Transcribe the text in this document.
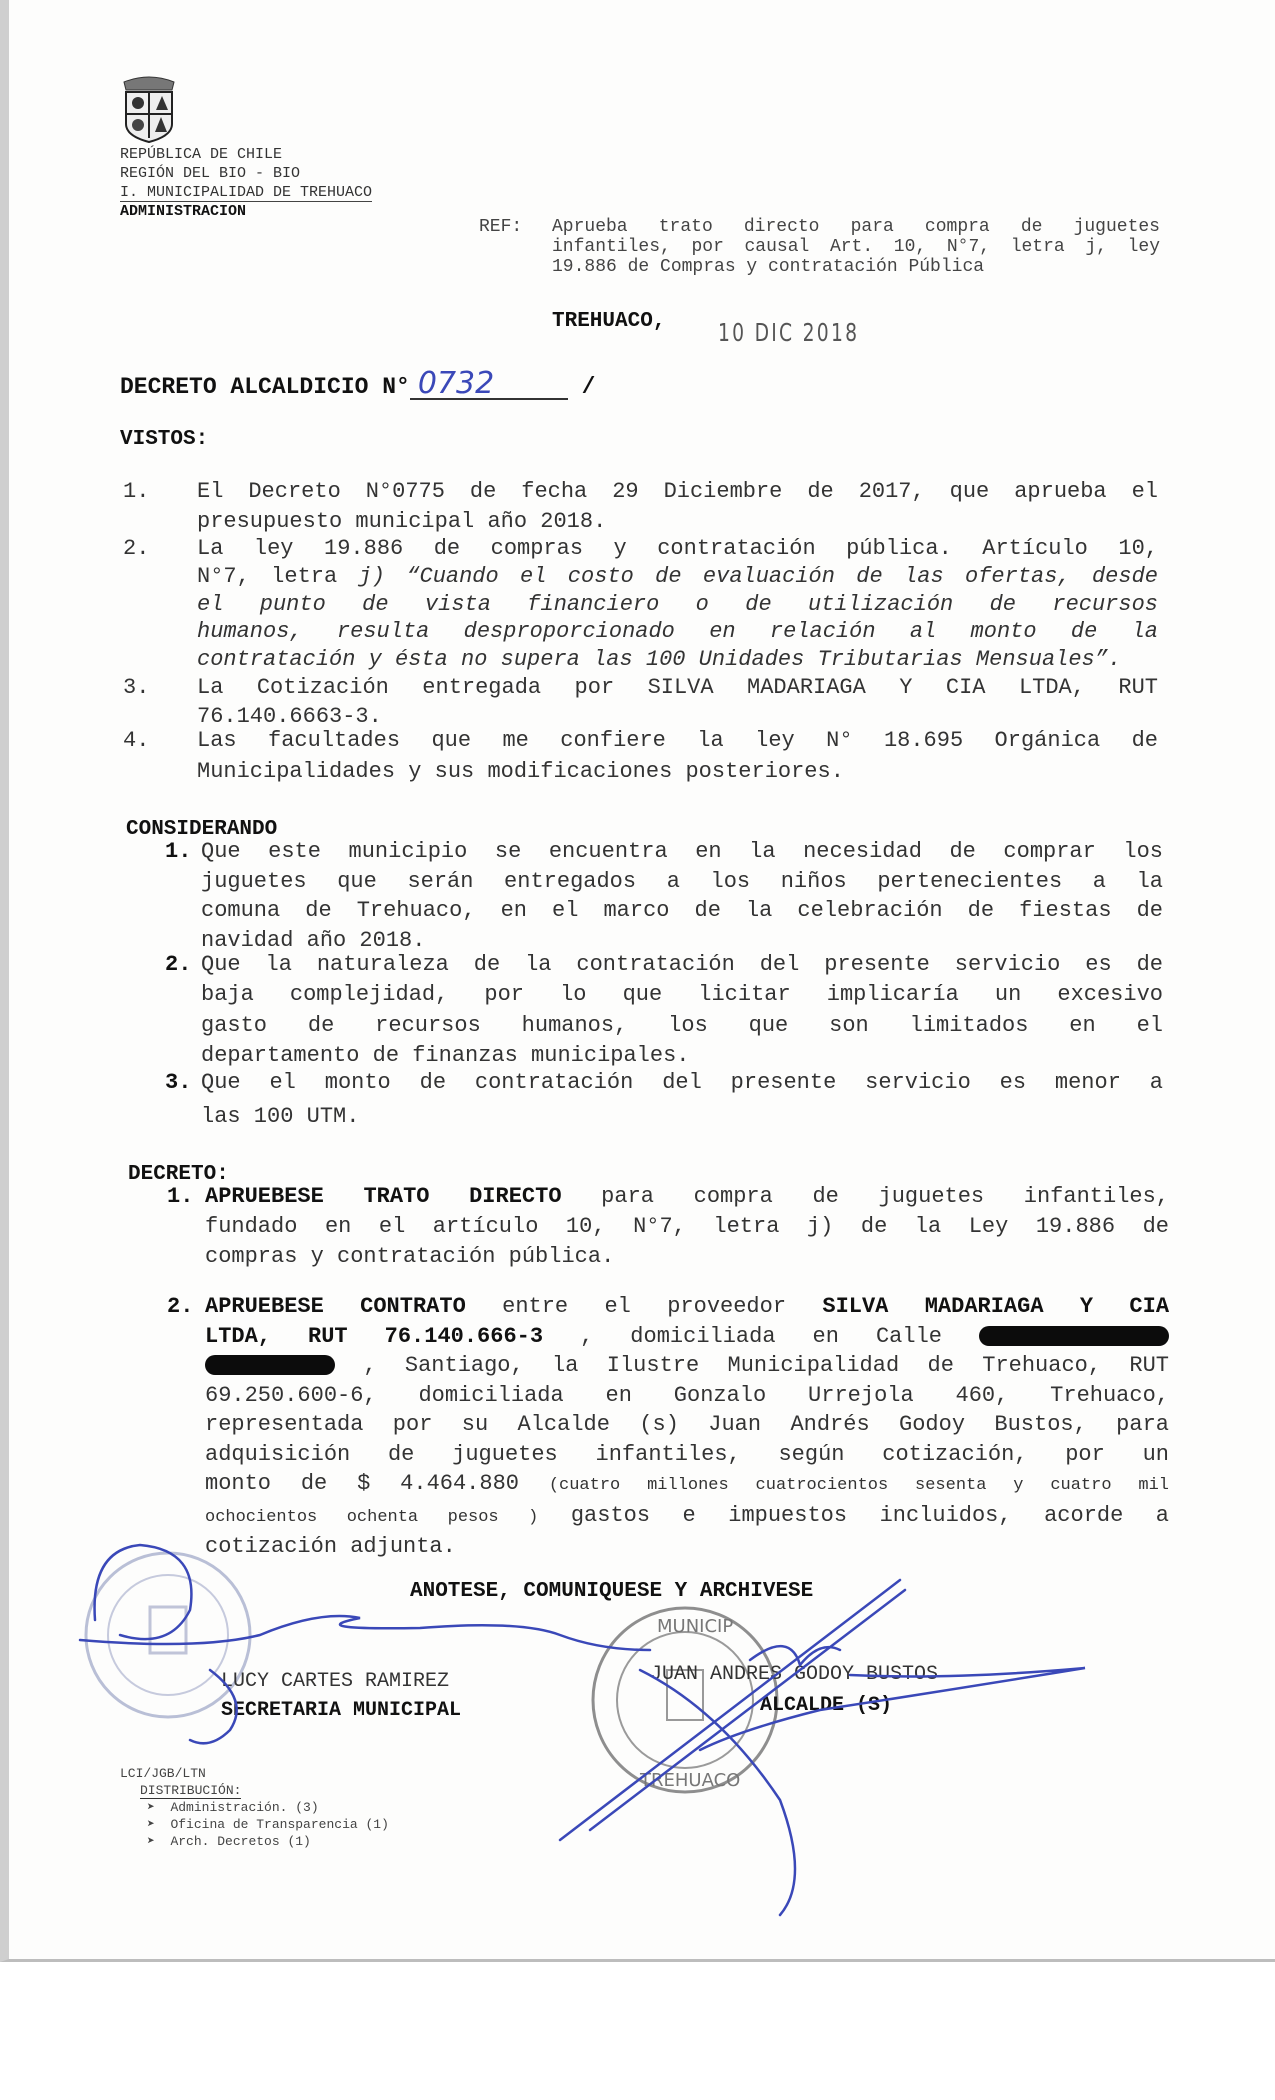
REPÚBLICA DE CHILE
REGIÓN DEL BIO - BIO
I. MUNICIPALIDAD DE TREHUACO
ADMINISTRACION
REF: Aprueba trato directo para compra de juguetes
infantiles, por causal Art. 10, N°7, letra j, ley
19.886 de Compras y contratación Pública
TREHUACO, 10 DIC 2018
DECRETO ALCALDICIO N° 0732	/
VISTOS:
CONSIDERANDO
DECRETO:
1. El Decreto N°0775 de fecha 29 Diciembre de 2017, que aprueba el
presupuesto municipal año 2018.
2. La ley 19.886 de compras y contratación pública. Artículo 10,
N°7, letra j) “Cuando el costo de evaluación de las ofertas, desde
el punto de vista financiero o de utilización de recursos
humanos, resulta desproporcionado en relación al monto de la
contratación y ésta no supera las 100 Unidades Tributarias Mensuales”.
3. La Cotización entregada por SILVA MADARIAGA Y CIA LTDA, RUT
76.140.6663-3.
4. Las facultades que me confiere la ley N° 18.695 Orgánica de
Municipalidades y sus modificaciones posteriores.
1. Que este municipio se encuentra en la necesidad de comprar los
juguetes que serán entregados a los niños pertenecientes a la
comuna de Trehuaco, en el marco de la celebración de fiestas de
navidad año 2018.
2. Que la naturaleza de la contratación del presente servicio es de
baja complejidad, por lo que licitar implicaría un excesivo
gasto de recursos humanos, los que son limitados en el
departamento de finanzas municipales.
3. Que el monto de contratación del presente servicio es menor a
las 100 UTM.
1. APRUEBESE TRATO DIRECTO para compra de juguetes infantiles,
fundado en el artículo 10, N°7, letra j) de la Ley 19.886 de
compras y contratación pública.
2. APRUEBESE CONTRATO entre el proveedor SILVA MADARIAGA Y CIA
LTDA, RUT 76.140.666-3 , domiciliada en Calle
, Santiago, la Ilustre Municipalidad de Trehuaco, RUT
69.250.600-6, domiciliada en Gonzalo Urrejola 460, Trehuaco,
representada por su Alcalde (s) Juan Andrés Godoy Bustos, para
adquisición de juguetes infantiles, según cotización, por un
monto de $ 4.464.880 (cuatro millones cuatrocientos sesenta y cuatro mil
ochocientos ochenta pesos ) gastos e impuestos incluidos, acorde a
cotización adjunta.
ANOTESE, COMUNIQUESE Y ARCHIVESE
MUNICIP
TREHUACO
LUCY CARTES RAMIREZ
SECRETARIA MUNICIPAL
JUAN ANDRES GODOY BUSTOS
ALCALDE (S)
LCI/JGB/LTN
DISTRIBUCIÓN:
➤  Administración. (3)
➤  Oficina de Transparencia (1)
➤  Arch. Decretos (1)
